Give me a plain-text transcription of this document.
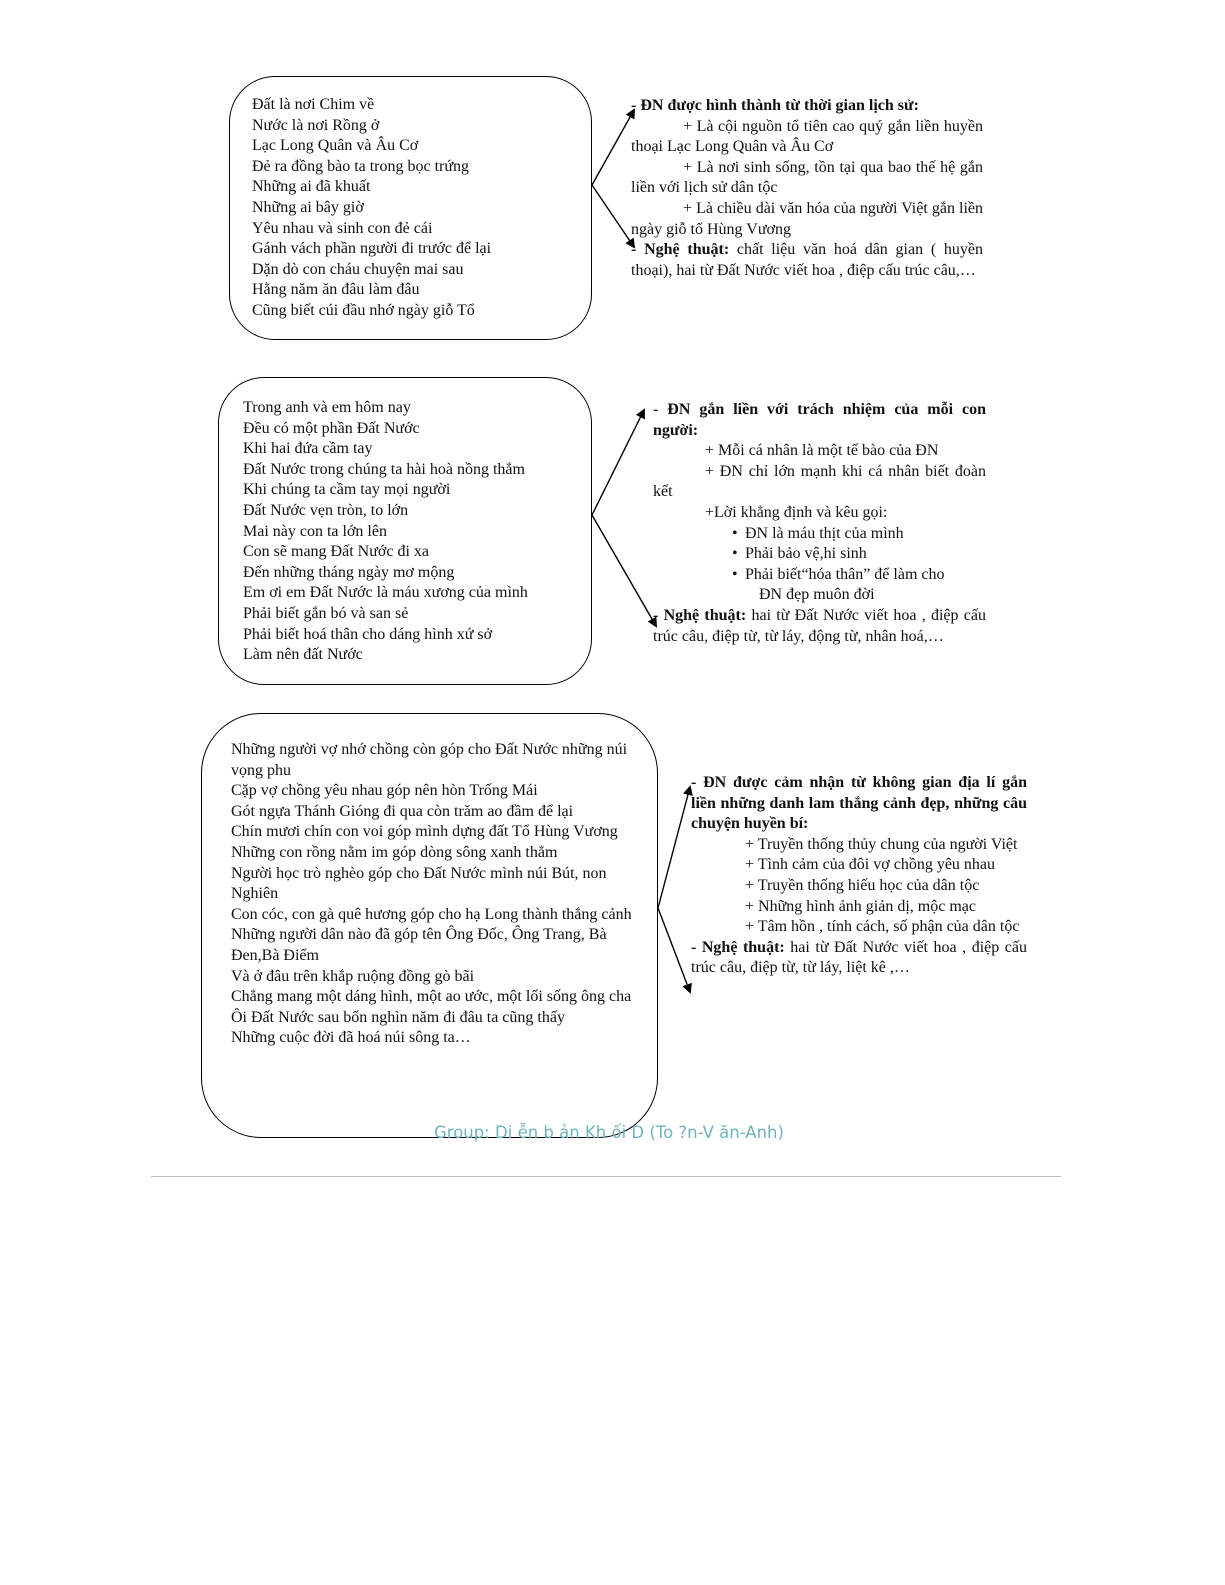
Đất là nơi Chim về
Nước là nơi Rồng ở
Lạc Long Quân và Âu Cơ
Đẻ ra đồng bào ta trong bọc trứng
Những ai đã khuất
Những ai bây giờ
Yêu nhau và sinh con đẻ cái
Gánh vách phần người đi trước để lại
Dặn dò con cháu chuyện mai sau
Hằng năm ăn đâu làm đâu
Cũng biết cúi đầu nhớ ngày giỗ Tổ
- ĐN được hình thành từ thời gian lịch sử:
+ Là cội nguồn tổ tiên cao quý gắn liền huyền thoại Lạc Long Quân và Âu Cơ
+ Là nơi sinh sống, tồn tại qua bao thế hệ gắn liền với lịch sử dân tộc
+ Là chiều dài văn hóa của người Việt gắn liền ngày giỗ tổ Hùng Vương
- Nghệ thuật: chất liệu văn hoá dân gian ( huyền thoại), hai từ Đất Nước viết hoa , điệp cấu trúc câu,…
Trong anh và em hôm nay
Đều có một phần Đất Nước
Khi hai đứa cầm tay
Đất Nước trong chúng ta hài hoà nồng thắm
Khi chúng ta cầm tay mọi người
Đất Nước vẹn tròn, to lớn
Mai này con ta lớn lên
Con sẽ mang Đất Nước đi xa
Đến những tháng ngày mơ mộng
Em ơi em Đất Nước là máu xương của mình
Phải biết gắn bó và san sẻ
Phải biết hoá thân cho dáng hình xứ sở
Làm nên đất Nước
- ĐN gắn liền với trách nhiệm của mỗi con người:
+ Mỗi cá nhân là một tế bào của ĐN
+ ĐN chỉ lớn mạnh khi cá nhân biết đoàn kết
+Lời khẳng định và kêu gọi:
• ĐN là máu thịt của mình
• Phải bảo vệ,hi sinh
• Phải biết“hóa thân” để làm cho
ĐN đẹp muôn đời
- Nghệ thuật: hai từ Đất Nước viết hoa , điệp cấu trúc câu, điệp từ, từ láy, động từ, nhân hoá,…
Những người vợ nhớ chồng còn góp cho Đất Nước những núi vọng phu
Cặp vợ chồng yêu nhau góp nên hòn Trống Mái
Gót ngựa Thánh Gióng đi qua còn trăm ao đầm để lại
Chín mươi chín con voi góp mình dựng đất Tổ Hùng Vương
Những con rồng nằm im góp dòng sông xanh thẳm
Người học trò nghèo góp cho Đất Nước mình núi Bút, non Nghiên
Con cóc, con gà quê hương góp cho hạ Long thành thắng cảnh
Những người dân nào đã góp tên Ông Đốc, Ông Trang, Bà Đen,Bà Điểm
Và ở đâu trên khắp ruộng đồng gò bãi
Chẳng mang một dáng hình, một ao ước, một lối sống ông cha
Ôi Đất Nước sau bốn nghìn năm đi đâu ta cũng thấy
Những cuộc đời đã hoá núi sông ta…
- ĐN được cảm nhận từ không gian địa lí gắn liền những danh lam thắng cảnh đẹp, những câu chuyện huyền bí:
+ Truyền thống thủy chung của người Việt
+ Tình cảm của đôi vợ chồng yêu nhau
+ Truyền thống hiếu học của dân tộc
+ Những hình ảnh giản dị, mộc mạc
+ Tâm hồn , tính cách, số phận của dân tộc
- Nghệ thuật: hai từ Đất Nước viết hoa , điệp cấu trúc câu, điệp từ, từ láy, liệt kê ,…
Group: Di ễn b ản Kh ối D (To ?n-V ăn-Anh)
